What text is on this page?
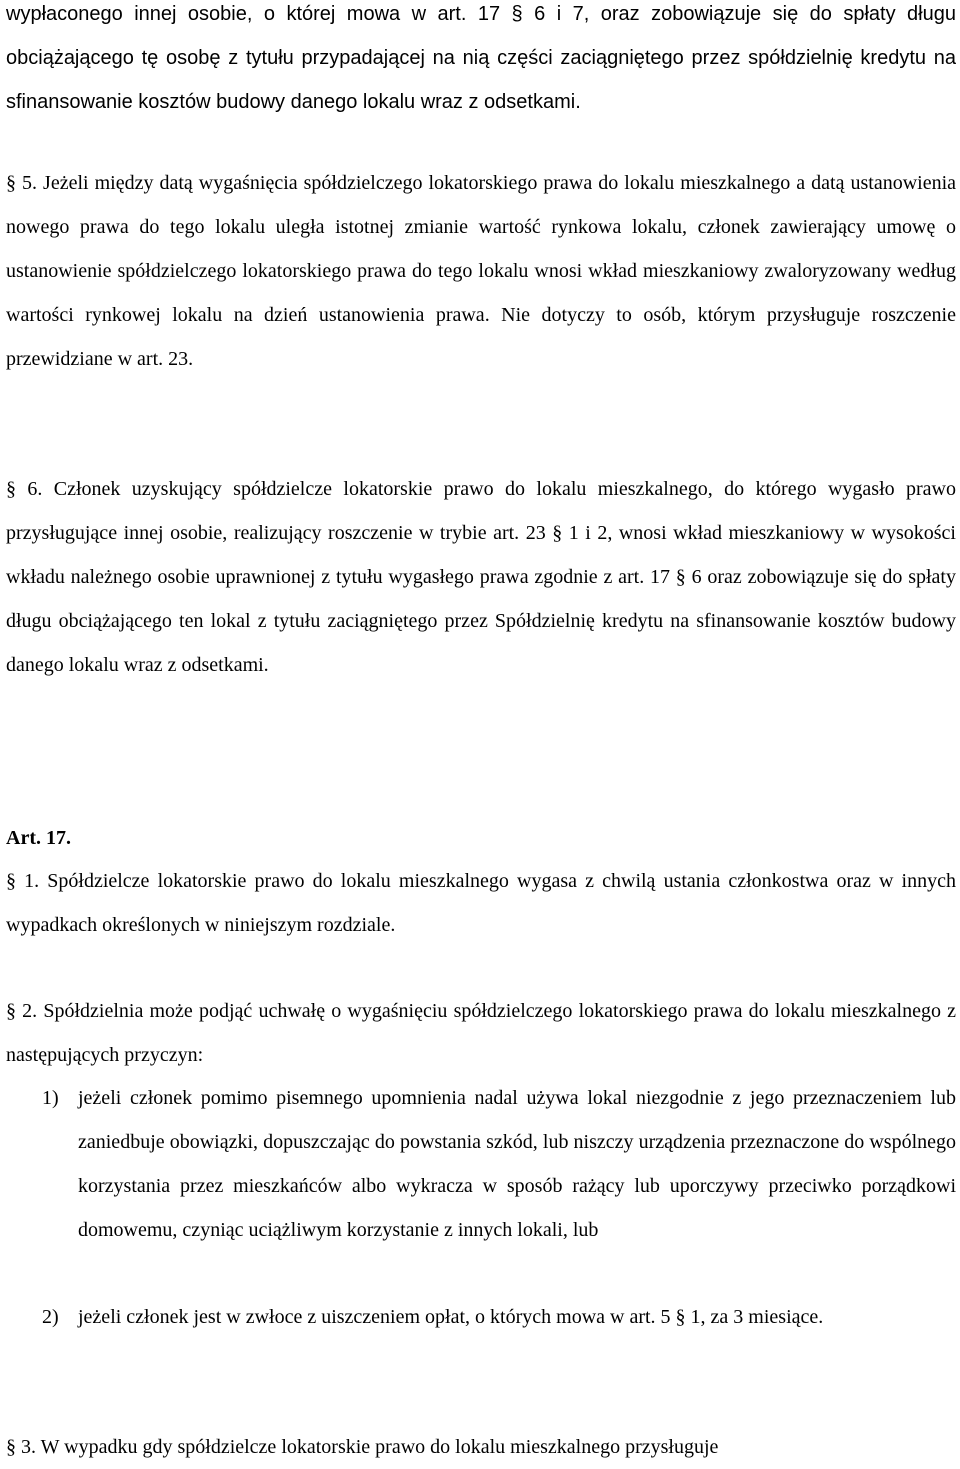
wypłaconego innej osobie, o której mowa w art. 17 § 6 i 7, oraz zobowiązuje się do spłaty długu obciążającego tę osobę z tytułu przypadającej na nią części zaciągniętego przez spółdzielnię kredytu na sfinansowanie kosztów budowy danego lokalu wraz z odsetkami.

§ 5. Jeżeli między datą wygaśnięcia spółdzielczego lokatorskiego prawa do lokalu mieszkalnego a datą ustanowienia nowego prawa do tego lokalu uległa istotnej zmianie wartość rynkowa lokalu, członek zawierający umowę o ustanowienie spółdzielczego lokatorskiego prawa do tego lokalu wnosi wkład mieszkaniowy zwaloryzowany według wartości rynkowej lokalu na dzień ustanowienia prawa. Nie dotyczy to osób, którym przysługuje roszczenie przewidziane w art. 23.

§ 6. Członek uzyskujący spółdzielcze lokatorskie prawo do lokalu mieszkalnego, do którego wygasło prawo przysługujące innej osobie, realizujący roszczenie w trybie art. 23 § 1 i 2, wnosi wkład mieszkaniowy w wysokości wkładu należnego osobie uprawnionej z tytułu wygasłego prawa zgodnie z art. 17 § 6 oraz zobowiązuje się do spłaty długu obciążającego ten lokal z tytułu zaciągniętego przez Spółdzielnię kredytu na sfinansowanie kosztów budowy danego lokalu wraz z odsetkami.

Art. 17.

§ 1. Spółdzielcze lokatorskie prawo do lokalu mieszkalnego wygasa z chwilą ustania członkostwa oraz w innych wypadkach określonych w niniejszym rozdziale.

§ 2. Spółdzielnia może podjąć uchwałę o wygaśnięciu spółdzielczego lokatorskiego prawa do lokalu mieszkalnego z następujących przyczyn:

1) jeżeli członek pomimo pisemnego upomnienia nadal używa lokal niezgodnie z jego przeznaczeniem lub zaniedbuje obowiązki, dopuszczając do powstania szkód, lub niszczy urządzenia przeznaczone do wspólnego korzystania przez mieszkańców albo wykracza w sposób rażący lub uporczywy przeciwko porządkowi domowemu, czyniąc uciążliwym korzystanie z innych lokali, lub
2) jeżeli członek jest w zwłoce z uiszczeniem opłat, o których mowa w art. 5 § 1, za 3 miesiące.

§ 3. W wypadku gdy spółdzielcze lokatorskie prawo do lokalu mieszkalnego przysługuje
